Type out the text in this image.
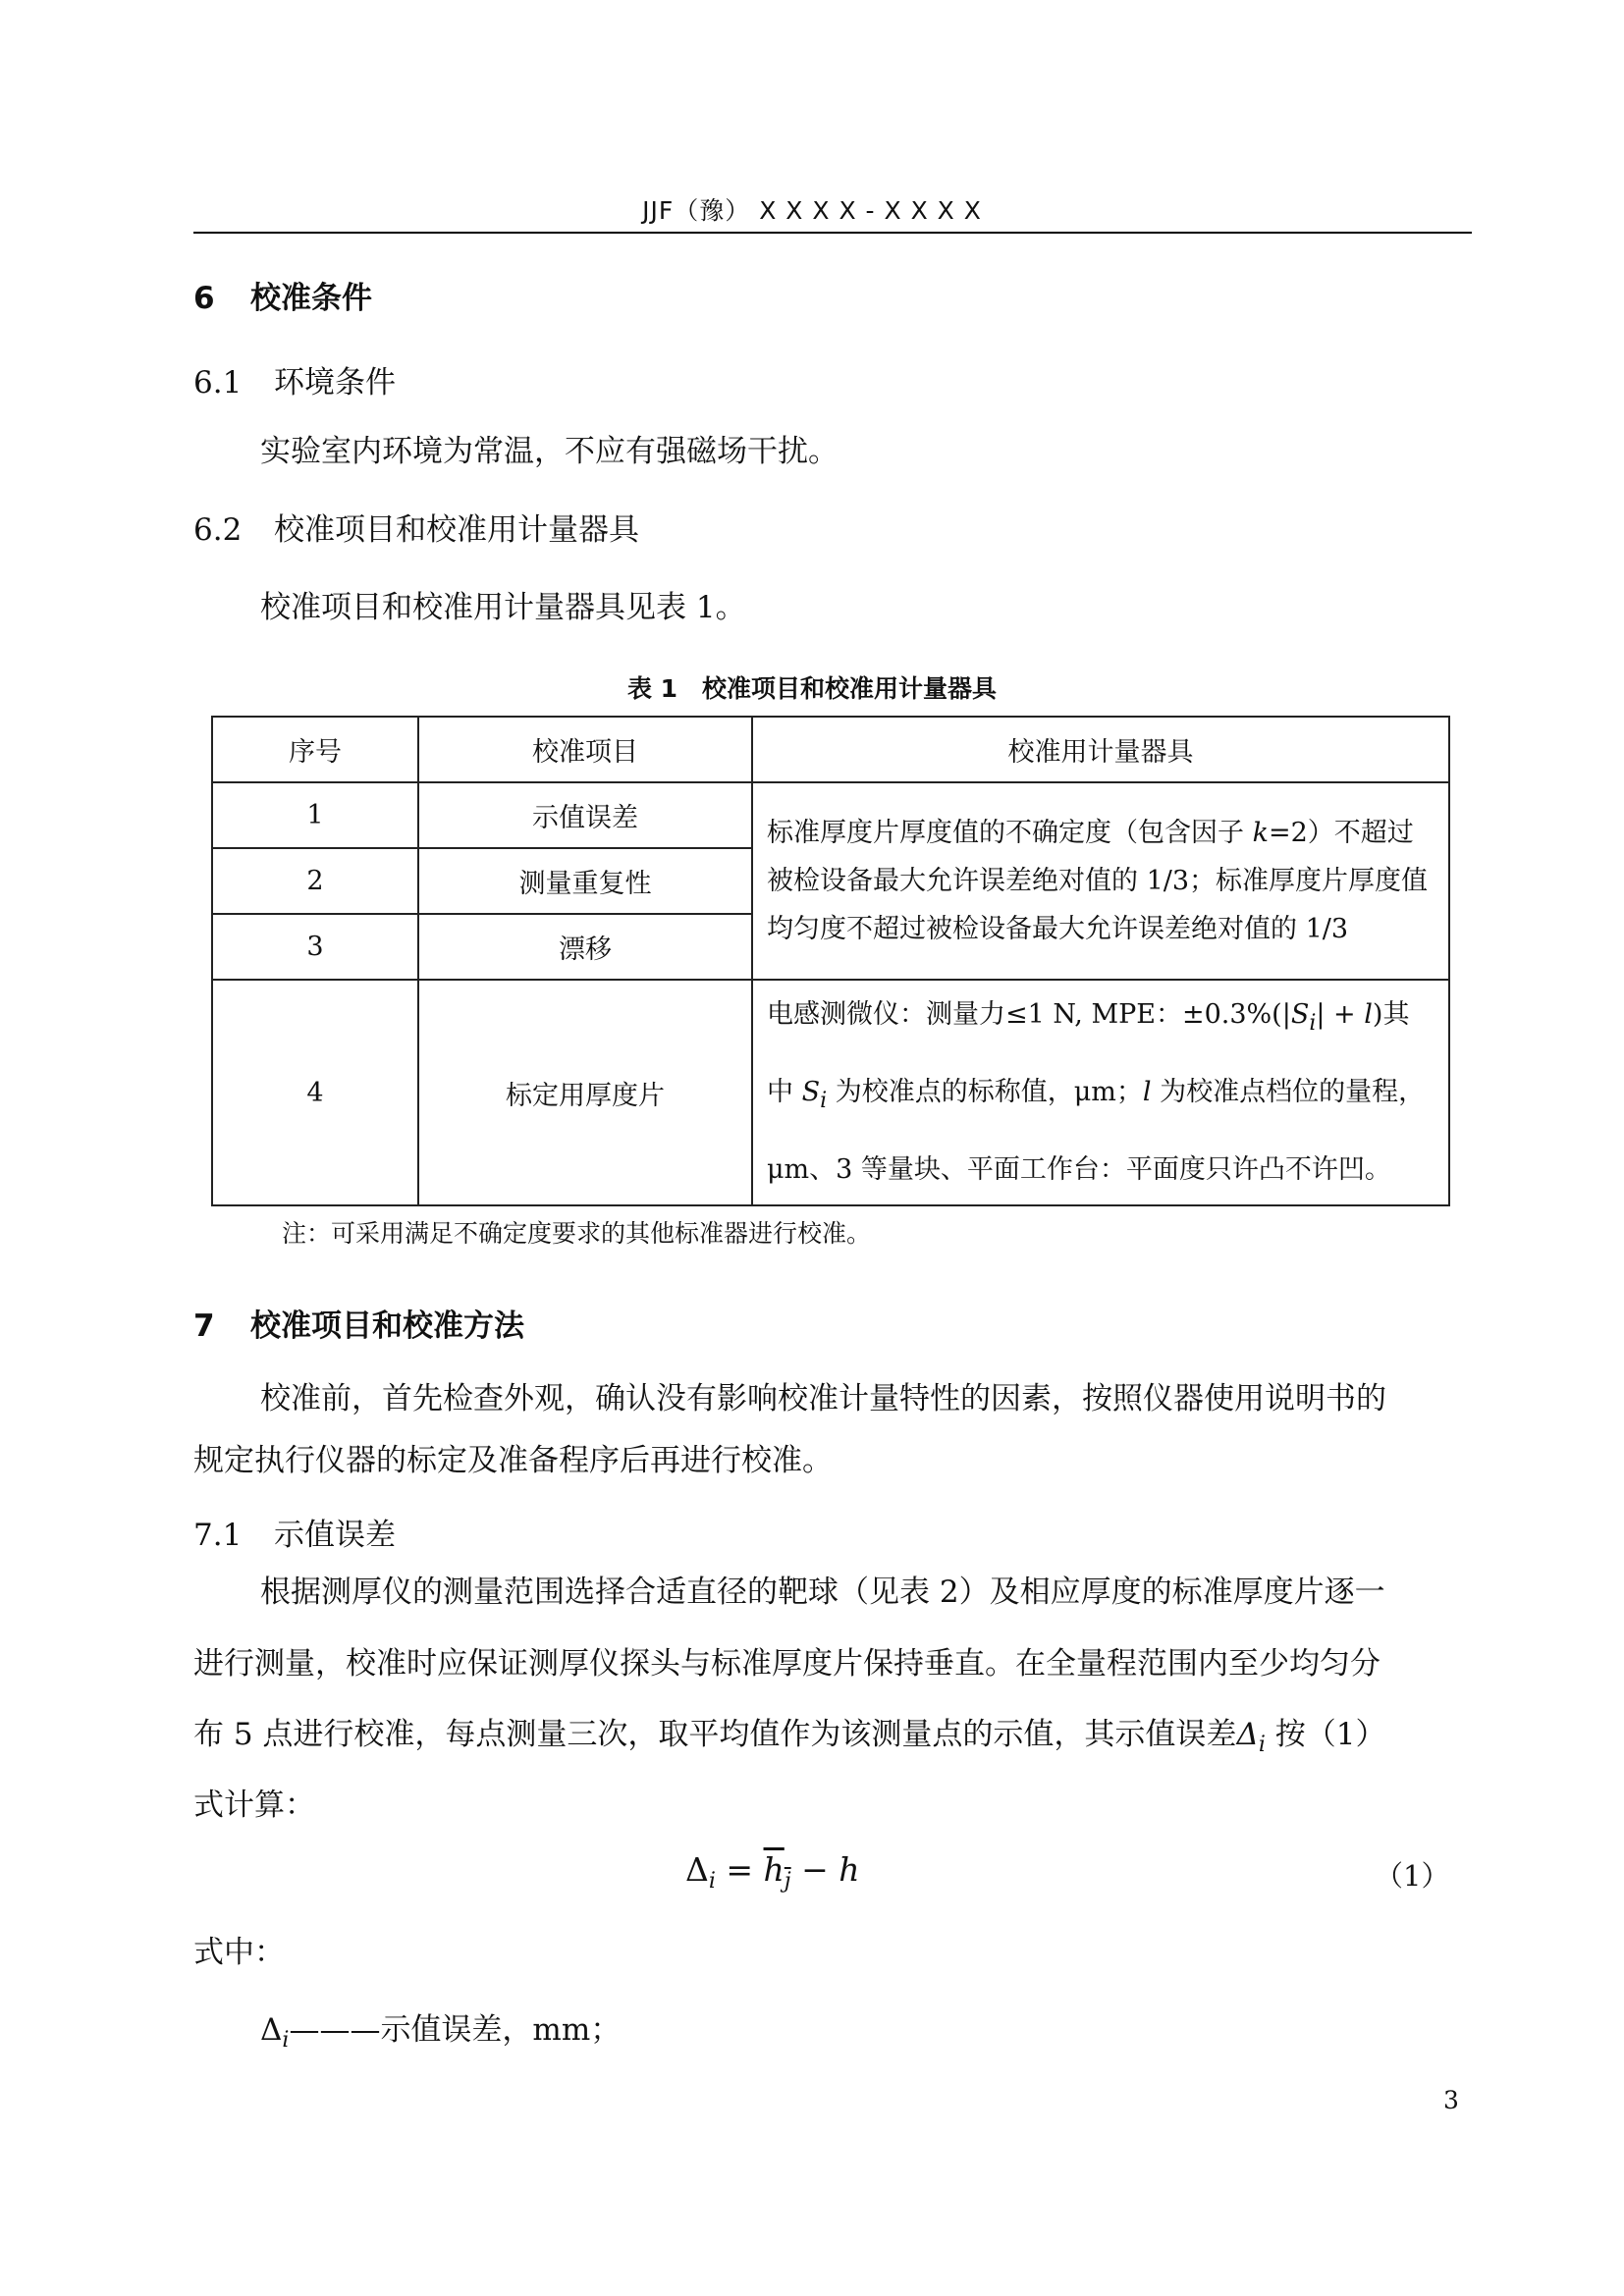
JJF（豫） X X X X - X X X X
6 校准条件
6.1 环境条件
实验室内环境为常温，不应有强磁场干扰。
6.2 校准项目和校准用计量器具
校准项目和校准用计量器具见表 1。
表 1　校准项目和校准用计量器具
序号	校准项目	校准用计量器具
1	示值误差	标准厚度片厚度值的不确定度（包含因子 k=2）不超过被检设备最大允许误差绝对值的 1/3；标准厚度片厚度值均匀度不超过被检设备最大允许误差绝对值的 1/3
2	测量重复性	
3	漂移	
4	标定用厚度片	电感测微仪：测量力≤1 N, MPE：$\pm 0.3\%(|S_i| + l)$其
中 $S_i$ 为校准点的标称值，μm；l 为校准点档位的量程，
μm、3 等量块、平面工作台：平面度只许凸不许凹。
注：可采用满足不确定度要求的其他标准器进行校准。
7 校准项目和校准方法
校准前，首先检查外观，确认没有影响校准计量特性的因素，按照仪器使用说明书的
规定执行仪器的标定及准备程序后再进行校准。
7.1 示值误差
根据测厚仪的测量范围选择合适直径的靶球（见表 2）及相应厚度的标准厚度片逐一
进行测量，校准时应保证测厚仪探头与标准厚度片保持垂直。在全量程范围内至少均匀分
布 5 点进行校准，每点测量三次，取平均值作为该测量点的示值，其示值误差$\Delta_i$ 按（1）
式计算：
$\Delta_i = \overline{h}_{\overline{j}} - h$	（1）
式中：
$\Delta_i———$示值误差，mm；
3
